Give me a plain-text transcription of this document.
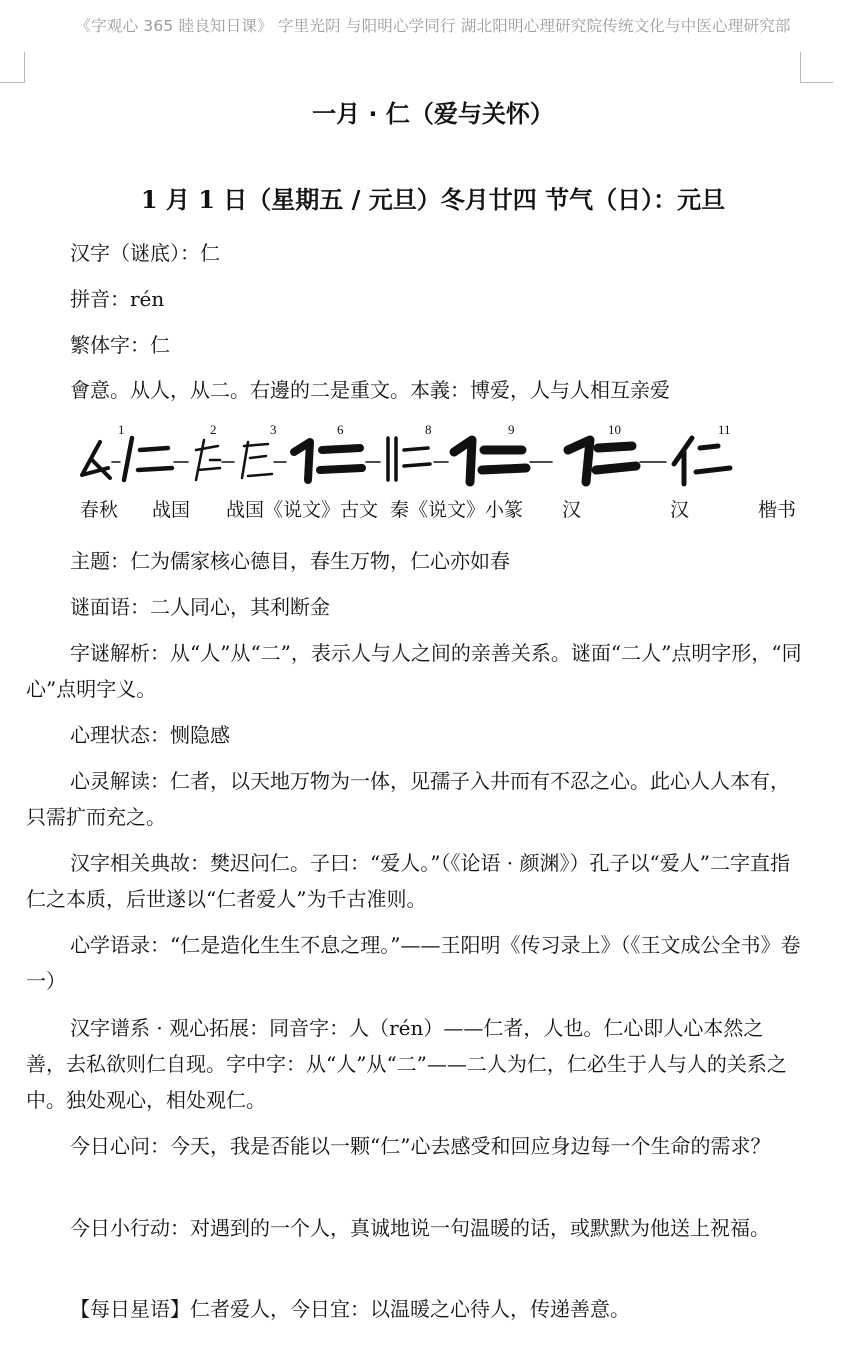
《字观心 365 睦良知日课》 字里光阴 与阳明心学同行 湖北阳明心理研究院传统文化与中医心理研究部
一月 · 仁（爱与关怀）
1 月 1 日（星期五 / 元旦）冬月廿四 节气（日）：元旦
汉字（谜底）：仁
拼音：rén
繁体字：仁
會意。从人，从二。右邊的二是重文。本義：博爱，人与人相互亲爱
1	2	3	6	8	9	10	11
春秋 战国 战国《说文》古文 秦《说文》小篆 汉	汉	楷书
主题：仁为儒家核心德目，春生万物，仁心亦如春
谜面语：二人同心，其利断金
字谜解析：从“人”从“二”，表示人与人之间的亲善关系。谜面“二人”点明字形，“同心”点明字义。
心理状态：恻隐感
心灵解读：仁者，以天地万物为一体，见孺子入井而有不忍之心。此心人人本有，只需扩而充之。
汉字相关典故：樊迟问仁。子曰：“爱人。”（《论语 · 颜渊》）孔子以“爱人”二字直指仁之本质，后世遂以“仁者爱人”为千古准则。
心学语录：“仁是造化生生不息之理。”——王阳明《传习录上》（《王文成公全书》卷一）
汉字谱系 · 观心拓展：同音字：人（rén）——仁者，人也。仁心即人心本然之善，去私欲则仁自现。字中字：从“人”从“二”——二人为仁，仁必生于人与人的关系之中。独处观心，相处观仁。
今日心问：今天，我是否能以一颗“仁”心去感受和回应身边每一个生命的需求？
今日小行动：对遇到的一个人，真诚地说一句温暖的话，或默默为他送上祝福。
【每日星语】仁者爱人，今日宜：以温暖之心待人，传递善意。
